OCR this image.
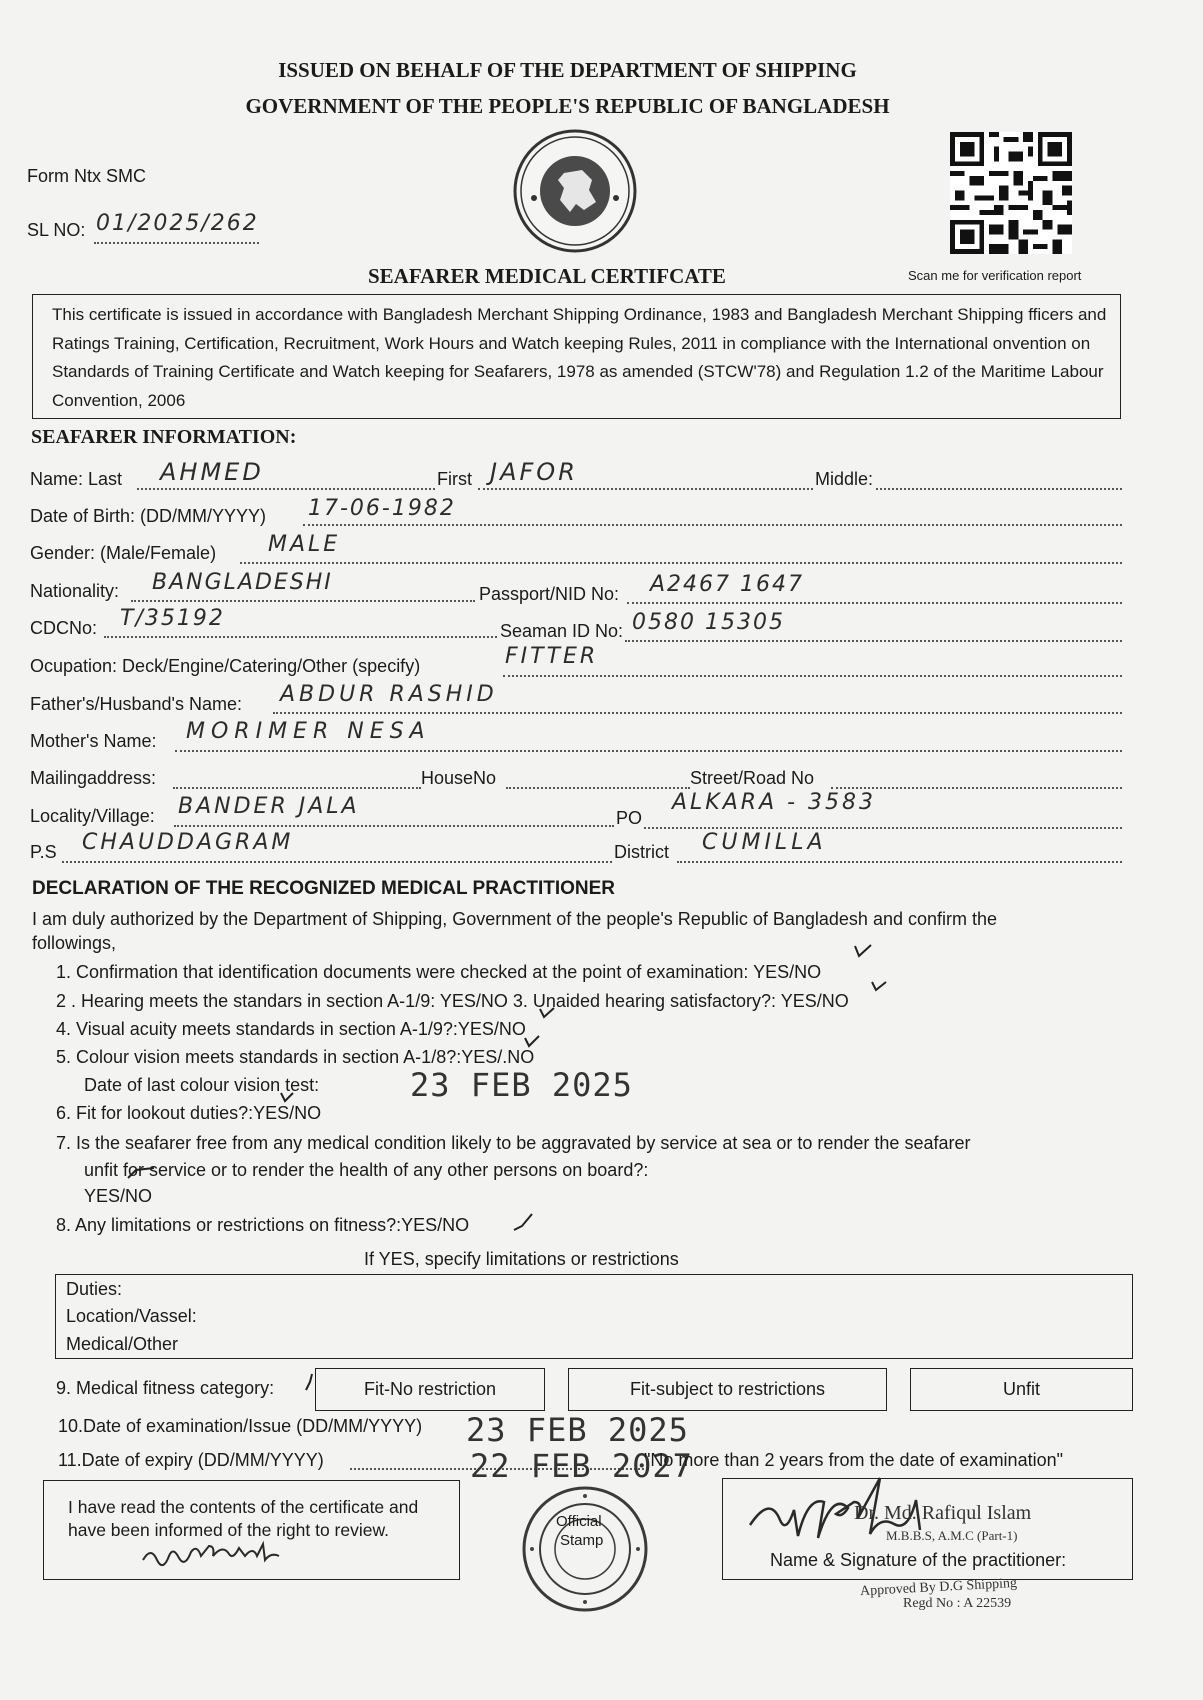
ISSUED ON BEHALF OF THE DEPARTMENT OF SHIPPING
GOVERNMENT OF THE PEOPLE'S REPUBLIC OF BANGLADESH
Form Ntx SMC
SL NO: 01/2025/262
Scan me for verification report
SEAFARER MEDICAL CERTIFCATE
This certificate is issued in accordance with Bangladesh Merchant Shipping Ordinance, 1983 and Bangladesh Merchant Shipping fficers and Ratings Training, Certification, Recruitment, Work Hours and Watch keeping Rules, 2011 in compliance with the International onvention on Standards of Training Certificate and Watch keeping for Seafarers, 1978 as amended (STCW'78) and Regulation 1.2 of the Maritime Labour Convention, 2006
SEAFARER INFORMATION:
Name: Last AHMED	First JAFOR	Middle:
Date of Birth: (DD/MM/YYYY) 17-06-1982
Gender: (Male/Female) MALE
Nationality: BANGLADESHI	Passport/NID No: A2467 1647
CDCNo: T/35192	Seaman ID No: 0580 15305
Ocupation: Deck/Engine/Catering/Other (specify)	FITTER
Father's/Husband's Name: ABDUR RASHID
Mother's Name: MORIMER NESA
Mailingaddress:	HouseNo	Street/Road No
Locality/Village: BANDER JALA	PO
ALKARA - 3583
P.S CHAUDDAGRAM	District CUMILLA
DECLARATION OF THE RECOGNIZED MEDICAL PRACTITIONER
I am duly authorized by the Department of Shipping, Government of the people's Republic of Bangladesh and confirm the followings,
1. Confirmation that identification documents were checked at the point of examination: YES/NO
2 . Hearing meets the standars in section A-1/9: YES/NO 3. Unaided hearing satisfactory?: YES/NO
4. Visual acuity meets standards in section A-1/9?:YES/NO
5. Colour vision meets standards in section A-1/8?:YES/.NO
Date of last colour vision test:	23 FEB 2025
6. Fit for lookout duties?:YES/NO
7. Is the seafarer free from any medical condition likely to be aggravated by service at sea or to render the seafarer
unfit for service or to render the health of any other persons on board?:
YES/NO
8. Any limitations or restrictions on fitness?:YES/NO
If YES, specify limitations or restrictions
Duties:
Location/Vassel:
Medical/Other
9. Medical fitness category:	Fit-No restriction	Fit-subject to restrictions	Unfit
10.Date of examination/Issue (DD/MM/YYYY) 23 FEB 2025
11.Date of expiry (DD/MM/YYYY)	22 FEB 2027
"No more than 2 years from the date of examination"
I have read the contents of the certificate and have been informed of the right to review.	Official
Stamp
Dr. Md. Rafiqul Islam
M.B.B.S, A.M.C (Part-1)
Name & Signature of the practitioner:
Approved By D.G Shipping
Regd No : A 22539
